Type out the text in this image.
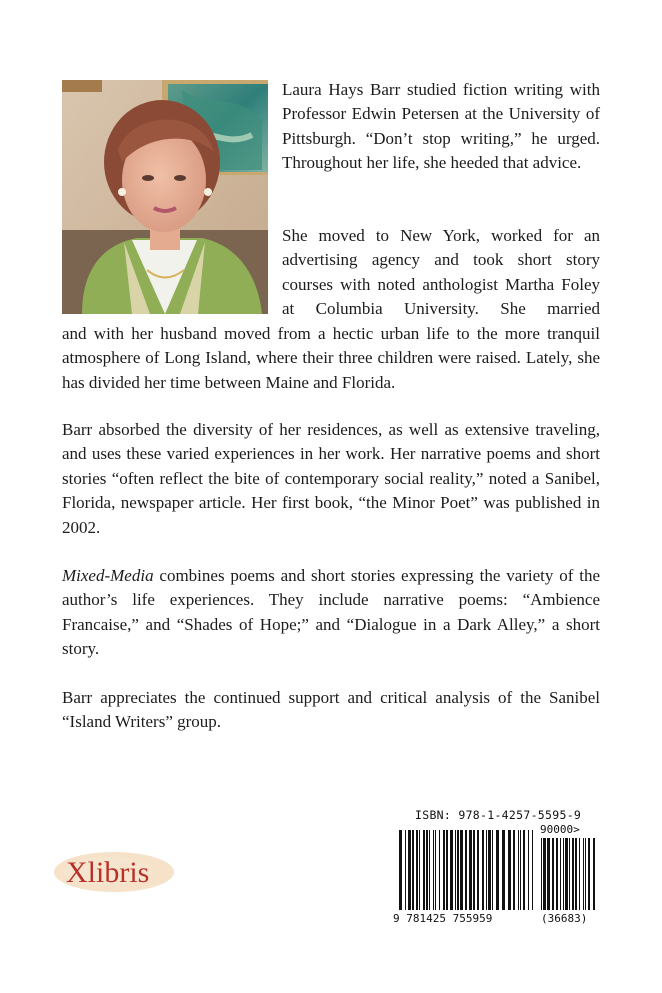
Laura Hays Barr studied fiction writing with Professor Edwin Petersen at the University of Pittsburgh. “Don’t stop writing,” he urged. Throughout her life, she heeded that advice.

She moved to New York, worked for an advertising agency and took short story courses with noted anthologist Martha Foley at Columbia University. She married

and with her husband moved from a hectic urban life to the more tranquil atmosphere of Long Island, where their three children were raised. Lately, she has divided her time between Maine and Florida.

Barr absorbed the diversity of her residences, as well as extensive traveling, and uses these varied experiences in her work. Her narrative poems and short stories “often reflect the bite of contemporary social reality,” noted a Sanibel, Florida, newspaper article. Her first book, “the Minor Poet” was published in 2002.

Mixed-Media combines poems and short stories expressing the variety of the author’s life experiences. They include narrative poems: “Ambience Francaise,” and “Shades of Hope;” and “Dialogue in a Dark Alley,” a short story.

Barr appreciates the continued support and critical analysis of the Sanibel “Island Writers” group.

Xlibris
ISBN: 978-1-4257-5595-9
90000>
9 781425 755959	(36683)
